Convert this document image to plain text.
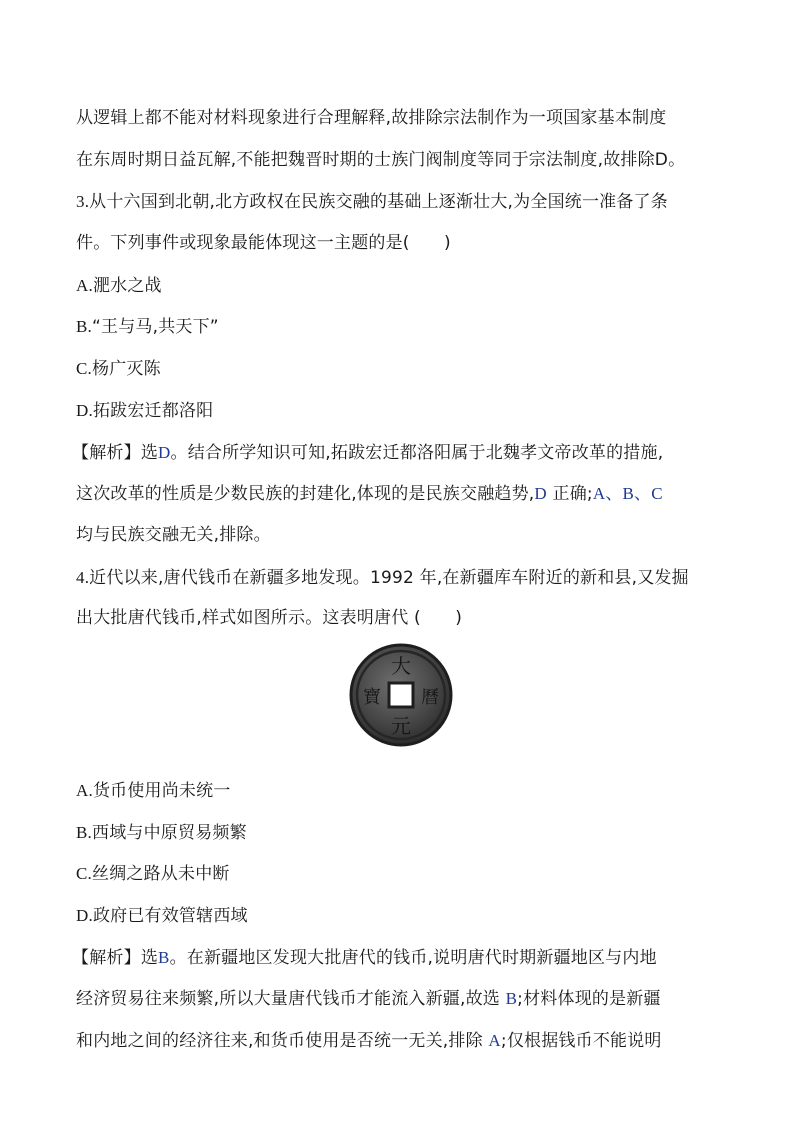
从逻辑上都不能对材料现象进行合理解释,故排除宗法制作为一项国家基本制度
在东周时期日益瓦解,不能把魏晋时期的士族门阀制度等同于宗法制度,故排除D。
3.从十六国到北朝,北方政权在民族交融的基础上逐渐壮大,为全国统一准备了条
件。下列事件或现象最能体现这一主题的是(　　)
A.淝水之战
B.“王与马,共天下”
C.杨广灭陈
D.拓跋宏迁都洛阳
【解析】选D。结合所学知识可知,拓跋宏迁都洛阳属于北魏孝文帝改革的措施,
这次改革的性质是少数民族的封建化,体现的是民族交融趋势,D 正确;A、B、C
均与民族交融无关,排除。
4.近代以来,唐代钱币在新疆多地发现。1992 年,在新疆库车附近的新和县,又发掘
出大批唐代钱币,样式如图所示。这表明唐代 (　　)
大
元
寶 曆
A.货币使用尚未统一
B.西域与中原贸易频繁
C.丝绸之路从未中断
D.政府已有效管辖西域
【解析】选B。在新疆地区发现大批唐代的钱币,说明唐代时期新疆地区与内地
经济贸易往来频繁,所以大量唐代钱币才能流入新疆,故选 B;材料体现的是新疆
和内地之间的经济往来,和货币使用是否统一无关,排除 A;仅根据钱币不能说明
